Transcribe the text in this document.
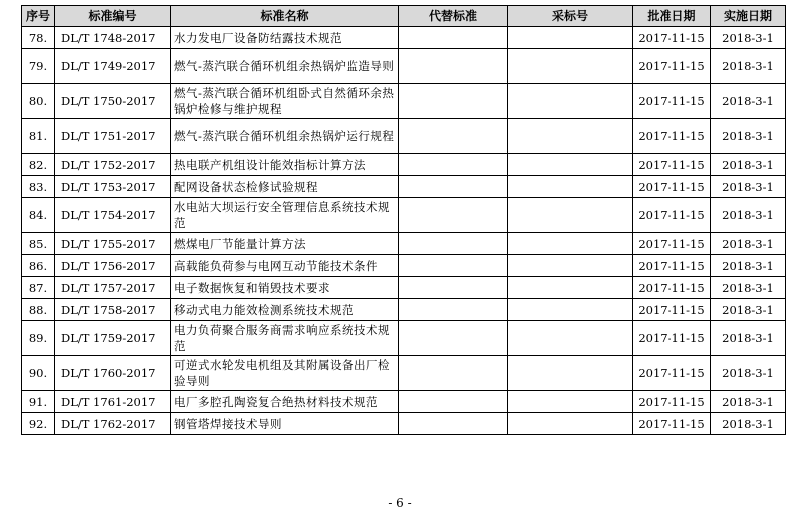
序号	标准编号	标准名称	代替标准	采标号	批准日期	实施日期
78.	DL/T 1748-2017	水力发电厂设备防结露技术规范			2017-11-15	2018-3-1
79.	DL/T 1749-2017	燃气-蒸汽联合循环机组余热锅炉监造导则			2017-11-15	2018-3-1
80.	DL/T 1750-2017	燃气-蒸汽联合循环机组卧式自然循环余热锅炉检修与维护规程			2017-11-15	2018-3-1
81.	DL/T 1751-2017	燃气-蒸汽联合循环机组余热锅炉运行规程			2017-11-15	2018-3-1
82.	DL/T 1752-2017	热电联产机组设计能效指标计算方法			2017-11-15	2018-3-1
83.	DL/T 1753-2017	配网设备状态检修试验规程			2017-11-15	2018-3-1
84.	DL/T 1754-2017	水电站大坝运行安全管理信息系统技术规范			2017-11-15	2018-3-1
85.	DL/T 1755-2017	燃煤电厂节能量计算方法			2017-11-15	2018-3-1
86.	DL/T 1756-2017	高载能负荷参与电网互动节能技术条件			2017-11-15	2018-3-1
87.	DL/T 1757-2017	电子数据恢复和销毁技术要求			2017-11-15	2018-3-1
88.	DL/T 1758-2017	移动式电力能效检测系统技术规范			2017-11-15	2018-3-1
89.	DL/T 1759-2017	电力负荷聚合服务商需求响应系统技术规范			2017-11-15	2018-3-1
90.	DL/T 1760-2017	可逆式水轮发电机组及其附属设备出厂检验导则			2017-11-15	2018-3-1
91.	DL/T 1761-2017	电厂多腔孔陶瓷复合绝热材料技术规范			2017-11-15	2018-3-1
92.	DL/T 1762-2017	钢管塔焊接技术导则			2017-11-15	2018-3-1
- 6 -
